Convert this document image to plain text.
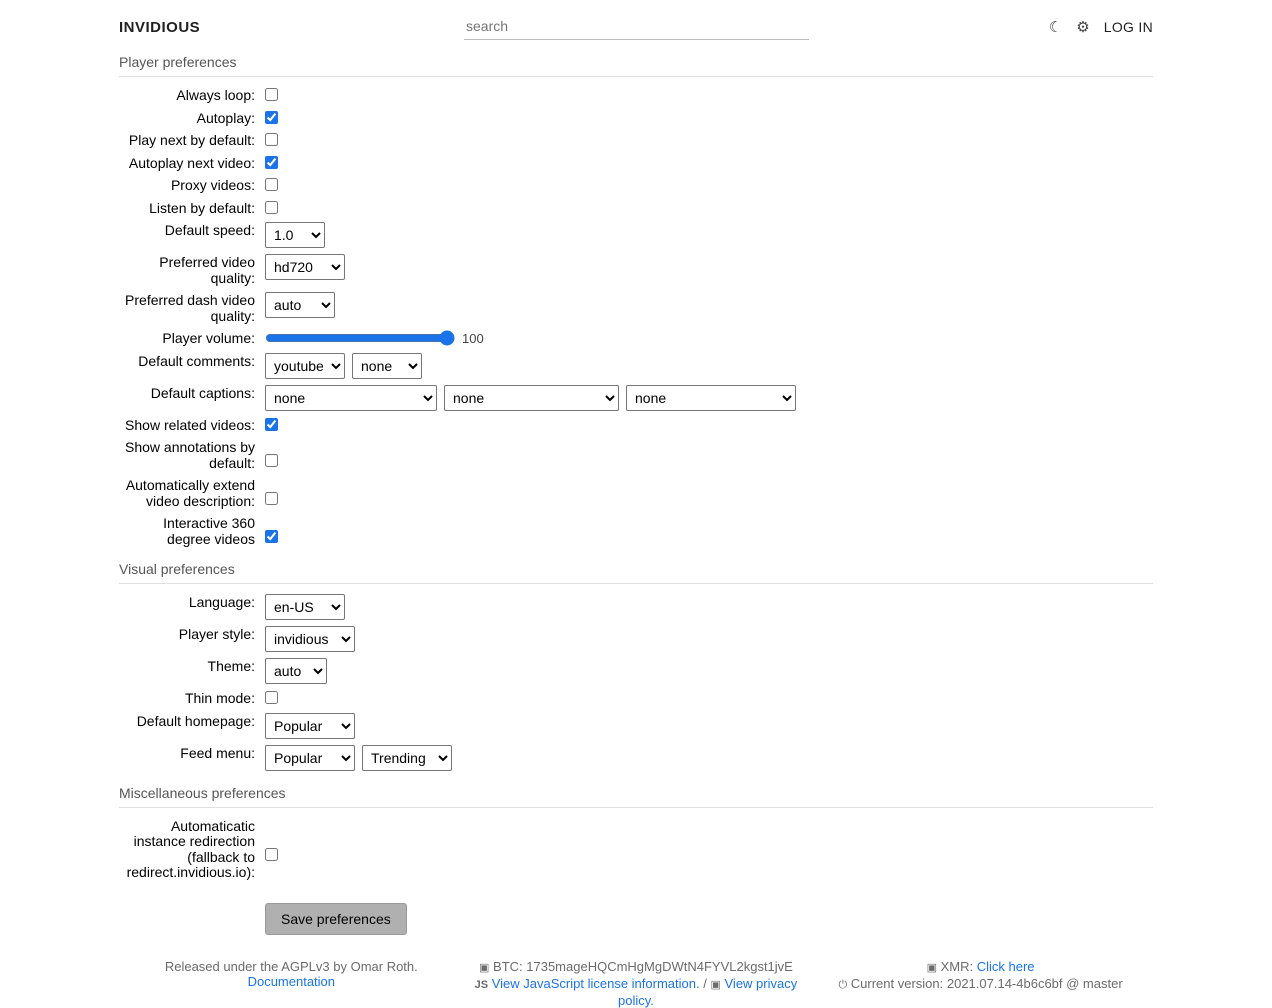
INVIDIOUS
search	☾ ⚙ LOG IN
Player preferences
Always loop:
Autoplay:
Play next by default:
Autoplay next video:
Proxy videos:
Listen by default:
Default speed:
1.0
Preferred video quality:
hd720
Preferred dash video quality:
auto
Player volume:	100
Default comments:
youtube
none
Default captions:
none
none
none
Show related videos:
Show annotations by default:
Automatically extend video description:
Interactive 360 degree videos
Visual preferences
Language:
en-US
Player style:
invidious
Theme:
auto
Thin mode:
Default homepage:
Popular
Feed menu:
Popular
Trending
Miscellaneous preferences
Automaticatic instance redirection (fallback to redirect.invidious.io):
Save preferences
Released under the AGPLv3 by Omar Roth.
Documentation
▣ BTC: 1735mageHQCmHgMgDWtN4FYVL2kgst1jvE
JS View JavaScript license information. / ▣ View privacy policy.
▣ XMR: Click here
⏻ Current version: 2021.07.14-4b6c6bf @ master
